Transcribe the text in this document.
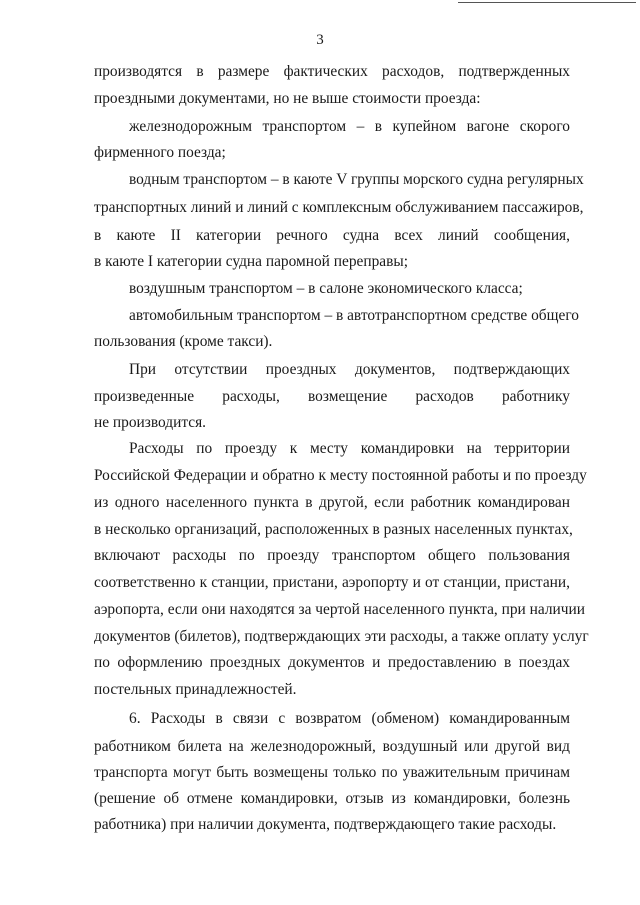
3
производятся в размере фактических расходов, подтвержденных
проездными документами, но не выше стоимости проезда:
железнодорожным транспортом – в купейном вагоне скорого
фирменного поезда;
водным транспортом – в каюте V группы морского судна регулярных
транспортных линий и линий с комплексным обслуживанием пассажиров,
в каюте II категории речного судна всех линий сообщения,
в каюте I категории судна паромной переправы;
воздушным транспортом – в салоне экономического класса;
автомобильным транспортом – в автотранспортном средстве общего
пользования (кроме такси).
При отсутствии проездных документов, подтверждающих
произведенные расходы, возмещение расходов работнику
не производится.
Расходы по проезду к месту командировки на территории
Российской Федерации и обратно к месту постоянной работы и по проезду
из одного населенного пункта в другой, если работник командирован
в несколько организаций, расположенных в разных населенных пунктах,
включают расходы по проезду транспортом общего пользования
соответственно к станции, пристани, аэропорту и от станции, пристани,
аэропорта, если они находятся за чертой населенного пункта, при наличии
документов (билетов), подтверждающих эти расходы, а также оплату услуг
по оформлению проездных документов и предоставлению в поездах
постельных принадлежностей.
6. Расходы в связи с возвратом (обменом) командированным
работником билета на железнодорожный, воздушный или другой вид
транспорта могут быть возмещены только по уважительным причинам
(решение об отмене командировки, отзыв из командировки, болезнь
работника) при наличии документа, подтверждающего такие расходы.
